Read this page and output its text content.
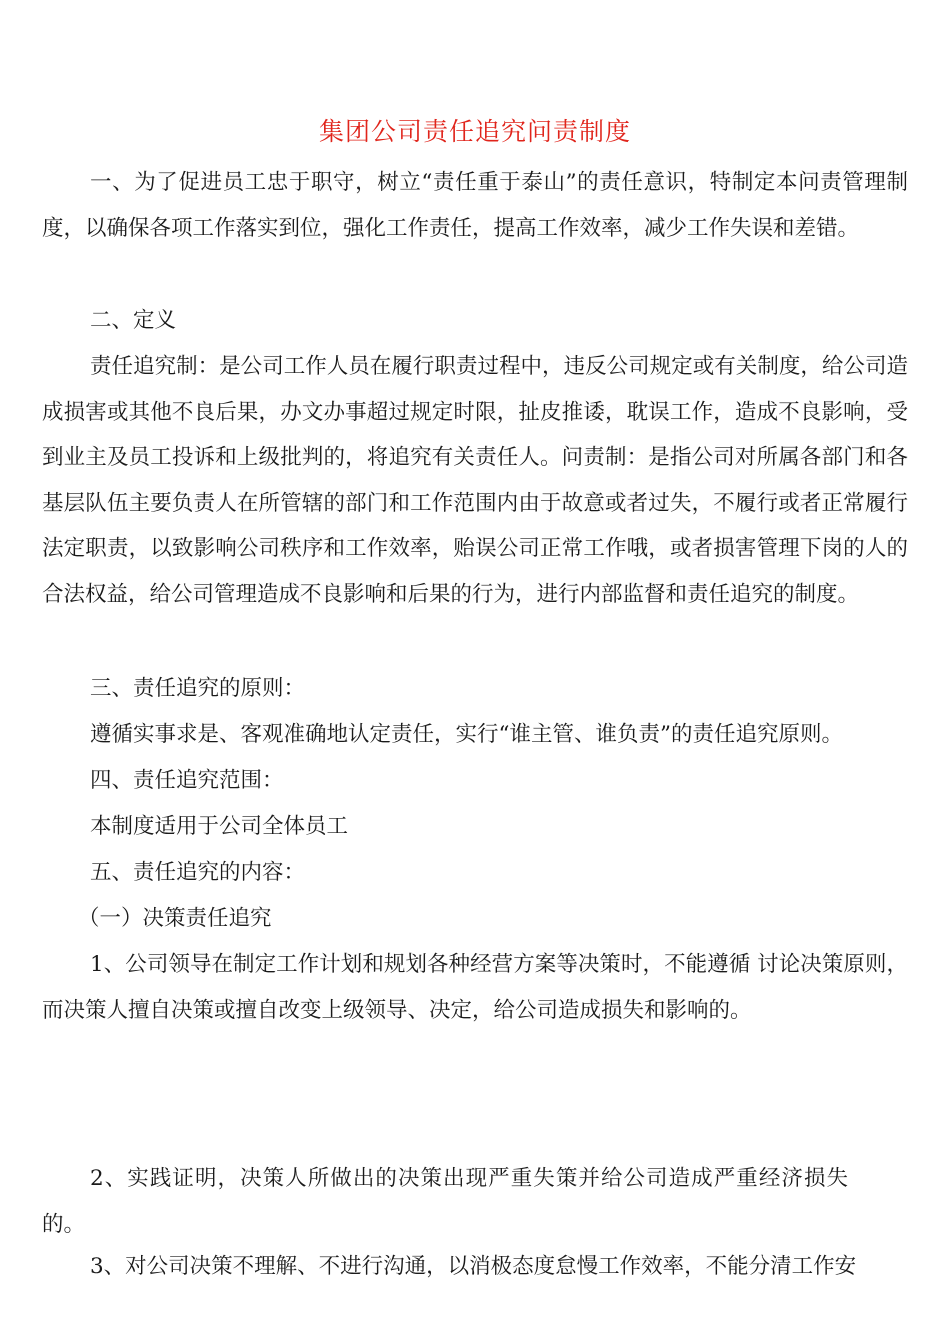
集团公司责任追究问责制度

一、为了促进员工忠于职守，树立“责任重于泰山”的责任意识，特制定本问责管理制度，以确保各项工作落实到位，强化工作责任，提高工作效率，减少工作失误和差错。

二、定义

责任追究制：是公司工作人员在履行职责过程中，违反公司规定或有关制度，给公司造成损害或其他不良后果，办文办事超过规定时限，扯皮推诿，耽误工作，造成不良影响，受到业主及员工投诉和上级批判的，将追究有关责任人。问责制：是指公司对所属各部门和各基层队伍主要负责人在所管辖的部门和工作范围内由于故意或者过失，不履行或者正常履行法定职责，以致影响公司秩序和工作效率，贻误公司正常工作哦，或者损害管理下岗的人的合法权益，给公司管理造成不良影响和后果的行为，进行内部监督和责任追究的制度。

三、责任追究的原则：

遵循实事求是、客观准确地认定责任，实行“谁主管、谁负责”的责任追究原则。

四、责任追究范围：

本制度适用于公司全体员工

五、责任追究的内容：

（一）决策责任追究

1、公司领导在制定工作计划和规划各种经营方案等决策时，不能遵循 讨论决策原则，而决策人擅自决策或擅自改变上级领导、决定，给公司造成损失和影响的。

2、实践证明，决策人所做出的决策出现严重失策并给公司造成严重经济损失的。

3、对公司决策不理解、不进行沟通，以消极态度怠慢工作效率，不能分清工作安
